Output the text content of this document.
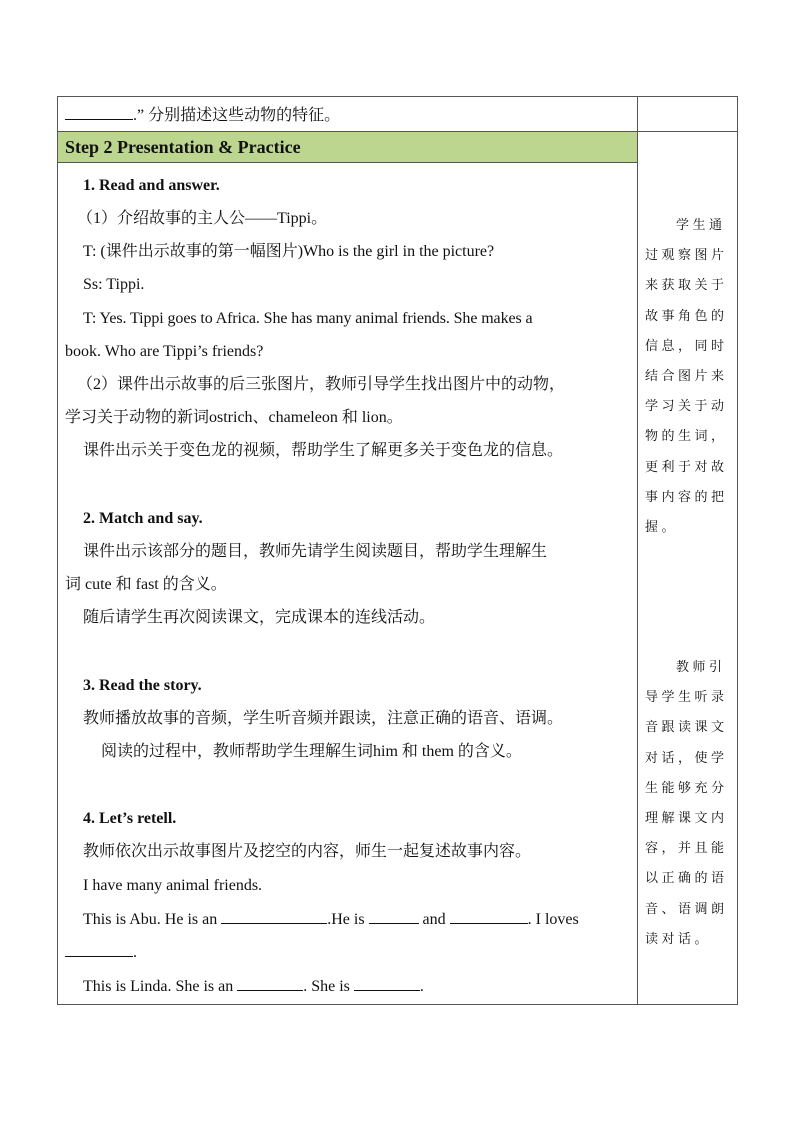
.” 分别描述这些动物的特征。
Step 2 Presentation & Practice
1. Read and answer.
（1）介绍故事的主人公——Tippi。
T: (课件出示故事的第一幅图片)Who is the girl in the picture?
Ss: Tippi.
T: Yes. Tippi goes to Africa. She has many animal friends. She makes a
book. Who are Tippi’s friends?
（2）课件出示故事的后三张图片，教师引导学生找出图片中的动物，
学习关于动物的新词ostrich、chameleon 和 lion。
课件出示关于变色龙的视频，帮助学生了解更多关于变色龙的信息。
2. Match and say.
课件出示该部分的题目，教师先请学生阅读题目，帮助学生理解生
词 cute 和 fast 的含义。
随后请学生再次阅读课文，完成课本的连线活动。
3. Read the story.
教师播放故事的音频，学生听音频并跟读，注意正确的语音、语调。
阅读的过程中，教师帮助学生理解生词him 和 them 的含义。
4. Let’s retell.
教师依次出示故事图片及挖空的内容，师生一起复述故事内容。
I have many animal friends.
This is Abu. He is an	.He is	and	. I loves
.
This is Linda. She is an	. She is	.
学生通
过观察图片
来获取关于
故事角色的
信息，同时
结合图片来
学习关于动
物的生词，
更利于对故
事内容的把
握。
教师引
导学生听录
音跟读课文
对话，使学
生能够充分
理解课文内
容，并且能
以正确的语
音、语调朗
读对话。
